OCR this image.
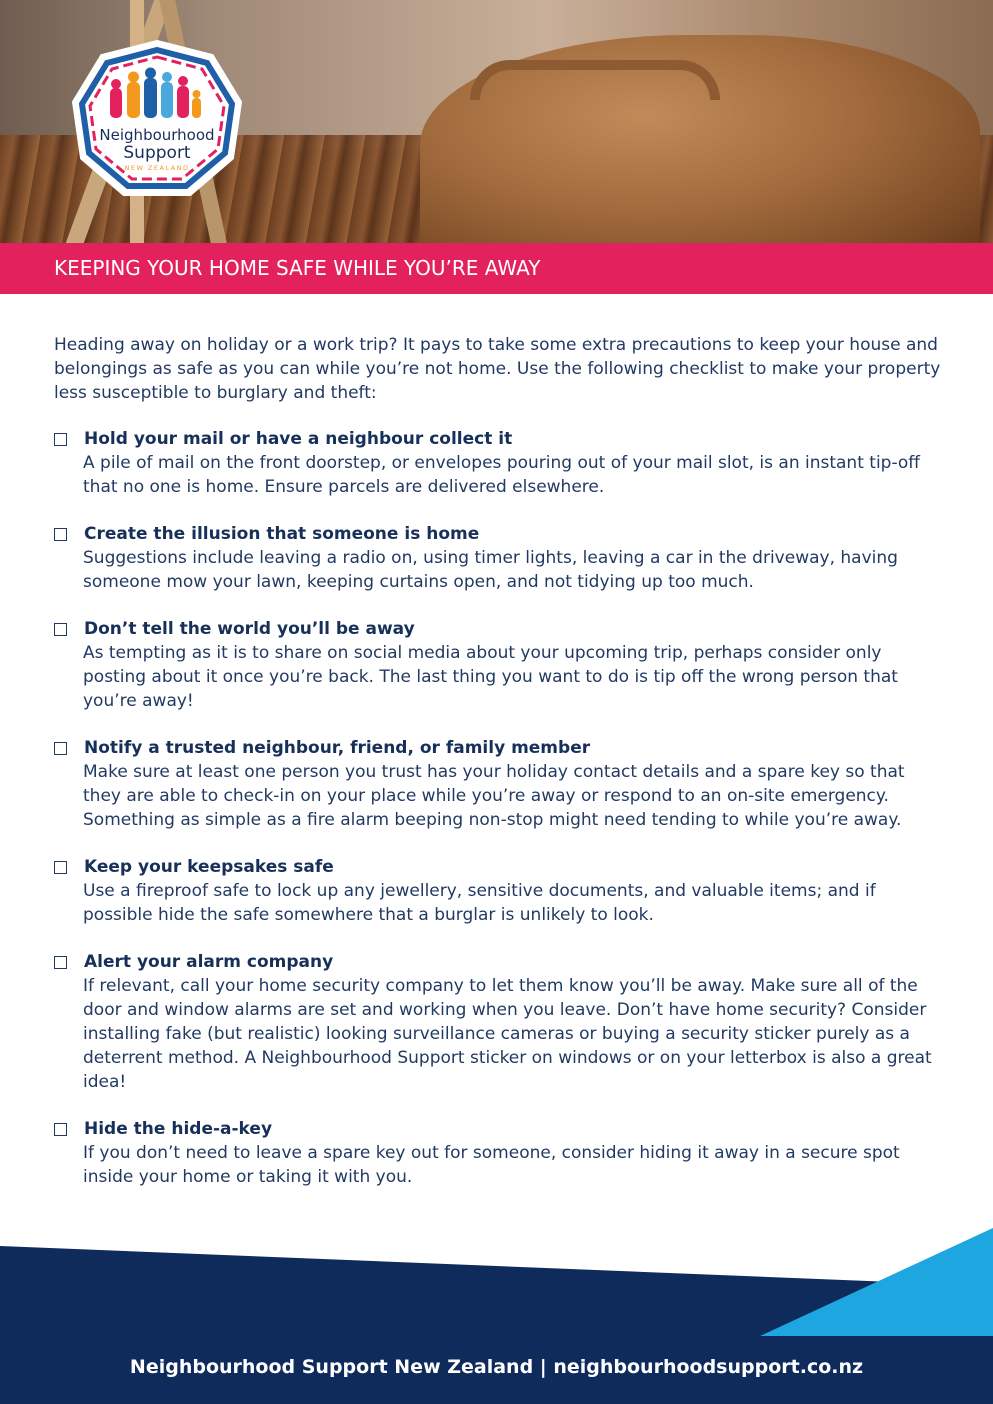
Neighbourhood
Support
NEW ZEALAND
KEEPING YOUR HOME SAFE WHILE YOU’RE AWAY

Heading away on holiday or a work trip? It pays to take some extra precautions to keep your house and belongings as safe as you can while you’re not home. Use the following checklist to make your property less susceptible to burglary and theft:

Hold your mail or have a neighbour collect it
A pile of mail on the front doorstep, or envelopes pouring out of your mail slot, is an instant tip-off that no one is home. Ensure parcels are delivered elsewhere.
Create the illusion that someone is home
Suggestions include leaving a radio on, using timer lights, leaving a car in the driveway, having someone mow your lawn, keeping curtains open, and not tidying up too much.
Don’t tell the world you’ll be away
As tempting as it is to share on social media about your upcoming trip, perhaps consider only posting about it once you’re back. The last thing you want to do is tip off the wrong person that you’re away!
Notify a trusted neighbour, friend, or family member
Make sure at least one person you trust has your holiday contact details and a spare key so that they are able to check-in on your place while you’re away or respond to an on-site emergency. Something as simple as a fire alarm beeping non-stop might need tending to while you’re away.
Keep your keepsakes safe
Use a fireproof safe to lock up any jewellery, sensitive documents, and valuable items; and if possible hide the safe somewhere that a burglar is unlikely to look.
Alert your alarm company
If relevant, call your home security company to let them know you’ll be away. Make sure all of the door and window alarms are set and working when you leave. Don’t have home security? Consider installing fake (but realistic) looking surveillance cameras or buying a security sticker purely as a deterrent method. A Neighbourhood Support sticker on windows or on your letterbox is also a great idea!
Hide the hide-a-key
If you don’t need to leave a spare key out for someone, consider hiding it away in a secure spot inside your home or taking it with you.
Neighbourhood Support New Zealand | neighbourhoodsupport.co.nz
